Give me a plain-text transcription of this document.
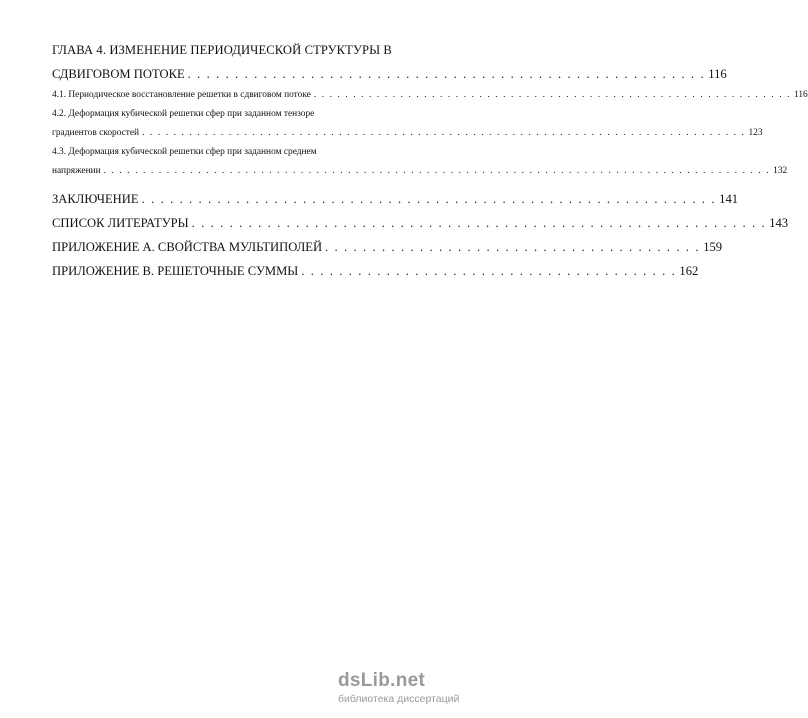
ГЛАВА 4. ИЗМЕНЕНИЕ ПЕРИОДИЧЕСКОЙ СТРУКТУРЫ В
СДВИГОВОМ ПОТОКЕ . . . . . . . . . . . . . . . . . . . . . . . . . . . . . . . . . . . . . . . . . . . . . . . . . . . . . . . 116
4.1. Периодическое восстановление решетки в сдвиговом потоке . . . . . . . . . . . . . . . . . . . . . . . . . . . . . . . . . . . . . . . . . . . . . . . . . . . . . . . . . . . . . 116
4.2. Деформация кубической решетки сфер при заданном тензоре
градиентов скоростей . . . . . . . . . . . . . . . . . . . . . . . . . . . . . . . . . . . . . . . . . . . . . . . . . . . . . . . . . . . . . . . . . . . . . . . . . . . . . 123
4.3. Деформация кубической решетки сфер при заданном среднем
напряжении . . . . . . . . . . . . . . . . . . . . . . . . . . . . . . . . . . . . . . . . . . . . . . . . . . . . . . . . . . . . . . . . . . . . . . . . . . . . . . . . . . . . . 132
ЗАКЛЮЧЕНИЕ . . . . . . . . . . . . . . . . . . . . . . . . . . . . . . . . . . . . . . . . . . . . . . . . . . . . . . . . . . . . . 141
СПИСОК ЛИТЕРАТУРЫ . . . . . . . . . . . . . . . . . . . . . . . . . . . . . . . . . . . . . . . . . . . . . . . . . . . . . . . . . . . . . 143
ПРИЛОЖЕНИЕ А. СВОЙСТВА МУЛЬТИПОЛЕЙ . . . . . . . . . . . . . . . . . . . . . . . . . . . . . . . . . . . . . . . . 159
ПРИЛОЖЕНИЕ В. РЕШЕТОЧНЫЕ СУММЫ . . . . . . . . . . . . . . . . . . . . . . . . . . . . . . . . . . . . . . . . 162
dsLib.net
библиотека диссертаций
